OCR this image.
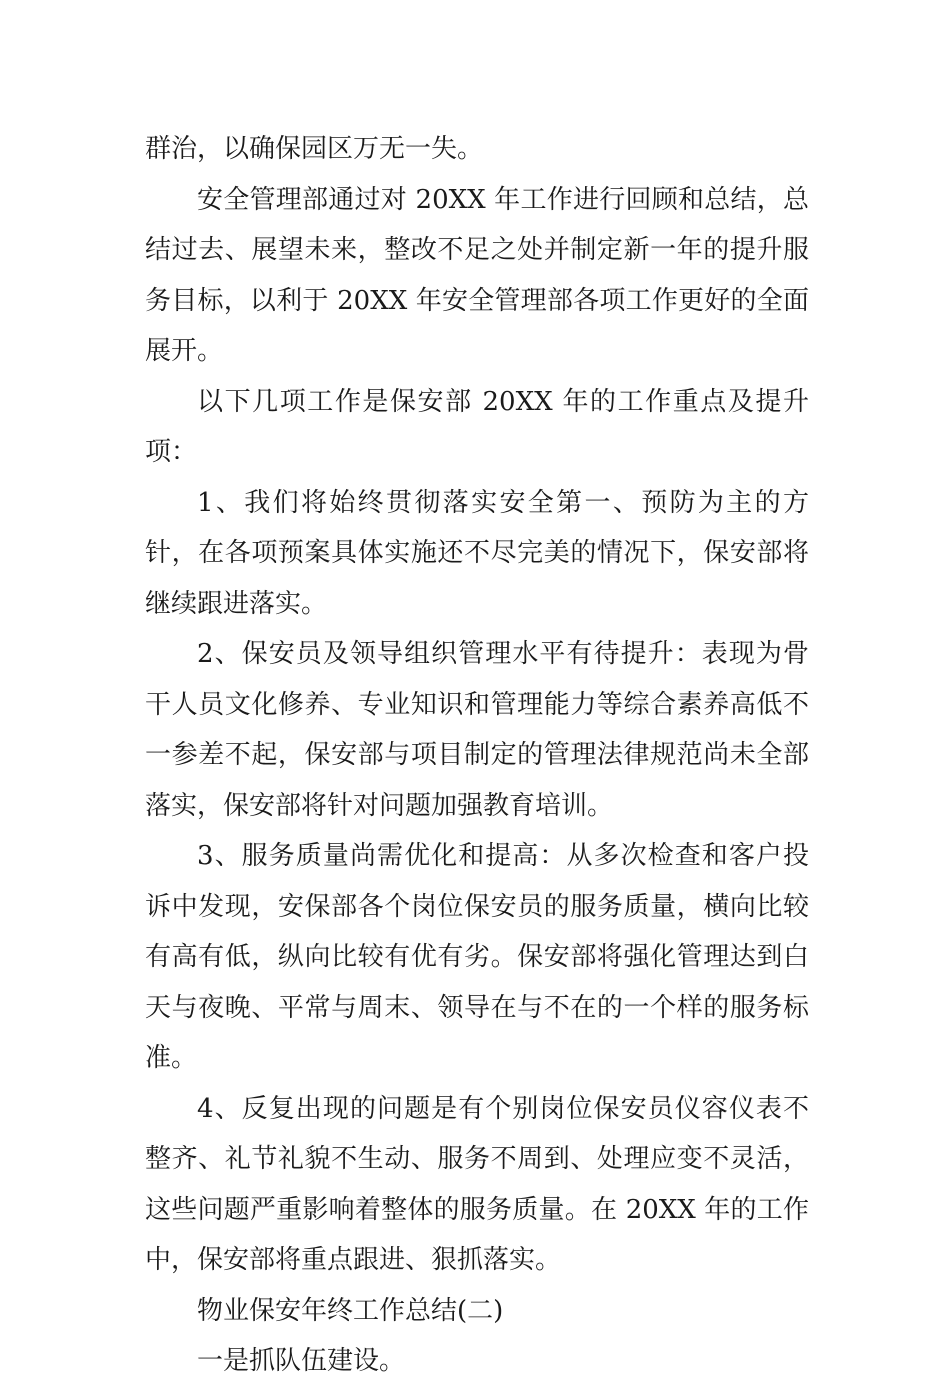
群治，以确保园区万无一失。

安全管理部通过对 20XX 年工作进行回顾和总结，总结过去、展望未来，整改不足之处并制定新一年的提升服务目标，以利于 20XX 年安全管理部各项工作更好的全面展开。

以下几项工作是保安部 20XX 年的工作重点及提升项：

1、我们将始终贯彻落实安全第一、预防为主的方针，在各项预案具体实施还不尽完美的情况下，保安部将继续跟进落实。

2、保安员及领导组织管理水平有待提升：表现为骨干人员文化修养、专业知识和管理能力等综合素养高低不一参差不起，保安部与项目制定的管理法律规范尚未全部落实，保安部将针对问题加强教育培训。

3、服务质量尚需优化和提高：从多次检查和客户投诉中发现，安保部各个岗位保安员的服务质量，横向比较有高有低，纵向比较有优有劣。保安部将强化管理达到白天与夜晚、平常与周末、领导在与不在的一个样的服务标准。

4、反复出现的问题是有个别岗位保安员仪容仪表不整齐、礼节礼貌不生动、服务不周到、处理应变不灵活，这些问题严重影响着整体的服务质量。在 20XX 年的工作中，保安部将重点跟进、狠抓落实。

物业保安年终工作总结(二)

一是抓队伍建设。
